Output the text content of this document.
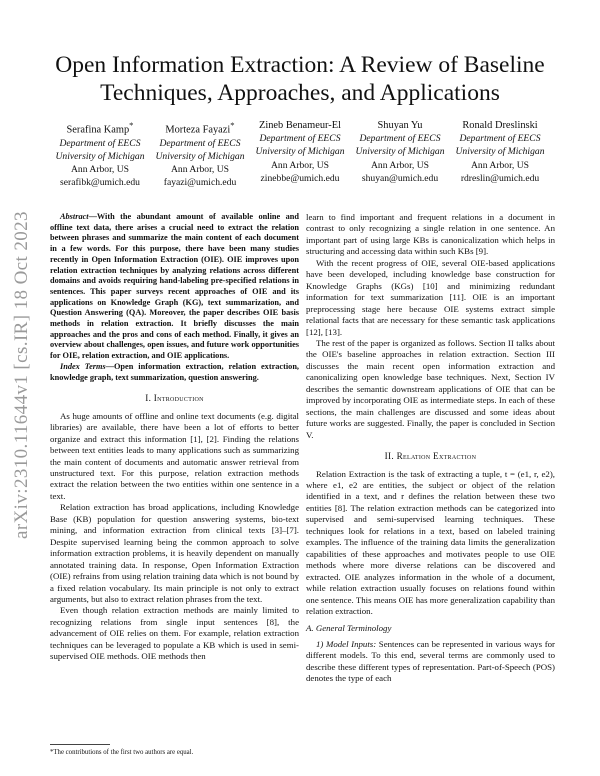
arXiv:2310.11644v1 [cs.IR] 18 Oct 2023
Open Information Extraction: A Review of Baseline
Techniques, Approaches, and Applications
Serafina Kamp*
Department of EECS
University of Michigan
Ann Arbor, US
serafibk@umich.edu
Morteza Fayazi*
Department of EECS
University of Michigan
Ann Arbor, US
fayazi@umich.edu
Zineb Benameur-El
Department of EECS
University of Michigan
Ann Arbor, US
zinebbe@umich.edu
Shuyan Yu
Department of EECS
University of Michigan
Ann Arbor, US
shuyan@umich.edu
Ronald Dreslinski
Department of EECS
University of Michigan
Ann Arbor, US
rdreslin@umich.edu

Abstract—With the abundant amount of available online and offline text data, there arises a crucial need to extract the relation between phrases and summarize the main content of each document in a few words. For this purpose, there have been many studies recently in Open Information Extraction (OIE). OIE improves upon relation extraction techniques by analyzing relations across different domains and avoids requiring hand-labeling pre-specified relations in sentences. This paper surveys recent approaches of OIE and its applications on Knowledge Graph (KG), text summarization, and Question Answering (QA). Moreover, the paper describes OIE basis methods in relation extraction. It briefly discusses the main approaches and the pros and cons of each method. Finally, it gives an overview about challenges, open issues, and future work opportunities for OIE, relation extraction, and OIE applications.

Index Terms—Open information extraction, relation extraction, knowledge graph, text summarization, question answering.

I. Introduction

As huge amounts of offline and online text documents (e.g. digital libraries) are available, there have been a lot of efforts to better organize and extract this information [1], [2]. Finding the relations between text entities leads to many applications such as summarizing the main content of documents and automatic answer retrieval from unstructured text. For this purpose, relation extraction methods extract the relation between the two entities within one sentence in a text.

Relation extraction has broad applications, including Knowledge Base (KB) population for question answering systems, bio-text mining, and information extraction from clinical texts [3]–[7]. Despite supervised learning being the common approach to solve information extraction problems, it is heavily dependent on manually annotated training data. In response, Open Information Extraction (OIE) refrains from using relation training data which is not bound by a fixed relation vocabulary. Its main principle is not only to extract arguments, but also to extract relation phrases from the text.

Even though relation extraction methods are mainly limited to recognizing relations from single input sentences [8], the advancement of OIE relies on them. For example, relation extraction techniques can be leveraged to populate a KB which is used in semi-supervised OIE methods. OIE methods then

*The contributions of the first two authors are equal.

learn to find important and frequent relations in a document in contrast to only recognizing a single relation in one sentence. An important part of using large KBs is canonicalization which helps in structuring and accessing data within such KBs [9].

With the recent progress of OIE, several OIE-based applications have been developed, including knowledge base construction for Knowledge Graphs (KGs) [10] and minimizing redundant information for text summarization [11]. OIE is an important preprocessing stage here because OIE systems extract simple relational facts that are necessary for these semantic task applications [12], [13].

The rest of the paper is organized as follows. Section II talks about the OIE's baseline approaches in relation extraction. Section III discusses the main recent open information extraction and canonicalizing open knowledge base techniques. Next, Section IV describes the semantic downstream applications of OIE that can be improved by incorporating OIE as intermediate steps. In each of these sections, the main challenges are discussed and some ideas about future works are suggested. Finally, the paper is concluded in Section V.

II. Relation Extraction

Relation Extraction is the task of extracting a tuple, t = (e1, r, e2), where e1, e2 are entities, the subject or object of the relation identified in a text, and r defines the relation between these two entities [8]. The relation extraction methods can be categorized into supervised and semi-supervised learning techniques. These techniques look for relations in a text, based on labeled training examples. The influence of the training data limits the generalization capabilities of these approaches and motivates people to use OIE methods where more diverse relations can be discovered and extracted. OIE analyzes information in the whole of a document, while relation extraction usually focuses on relations found within one sentence. This means OIE has more generalization capability than relation extraction.

A. General Terminology

1) Model Inputs: Sentences can be represented in various ways for different models. To this end, several terms are commonly used to describe these different types of representation. Part-of-Speech (POS) denotes the type of each
